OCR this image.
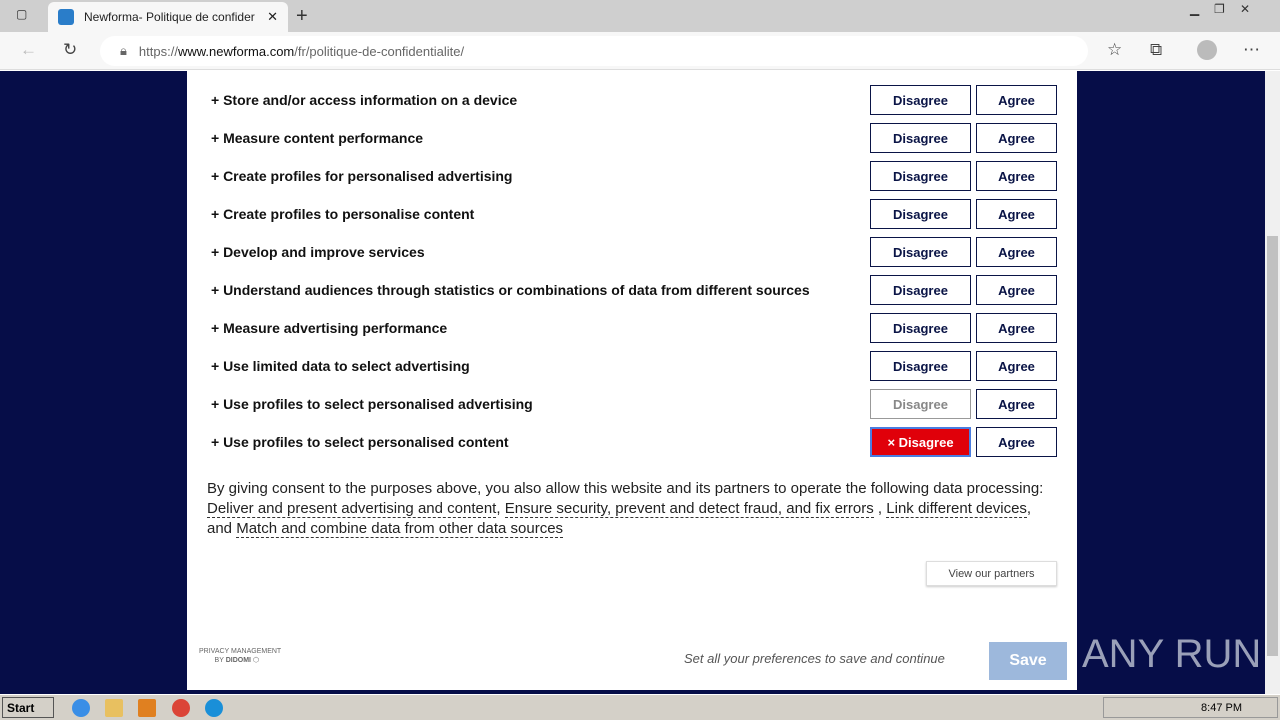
▢	Newforma- Politique de confider ✕ +	▁ ❐ ✕
← ↻	🔒︎ https:// www.newforma.com /fr/politique-de-confidentialite/	☆ ⧉	⋯
By giving consent to the purposes above, you also allow this website and its partners to operate the following data processing: Deliver and present advertising and content, Ensure security, prevent and detect fraud, and fix errors , Link different devices, and Match and combine data from other data sources
View our partners
PRIVACY MANAGEMENT
BY DIDOMI ⬡	Set all your preferences to save and continue	Save
+ Store and/or access information on a device	Disagree	Agree
+ Measure content performance	Disagree	Agree
+ Create profiles for personalised advertising	Disagree	Agree
+ Create profiles to personalise content	Disagree	Agree
+ Develop and improve services	Disagree	Agree
+ Understand audiences through statistics or combinations of data from different sources	Disagree	Agree
+ Measure advertising performance	Disagree	Agree
+ Use limited data to select advertising	Disagree	Agree
+ Use profiles to select personalised advertising	Disagree	Agree
+ Use profiles to select personalised content	× Disagree	Agree
ANY RUN
Start	8:47 PM
